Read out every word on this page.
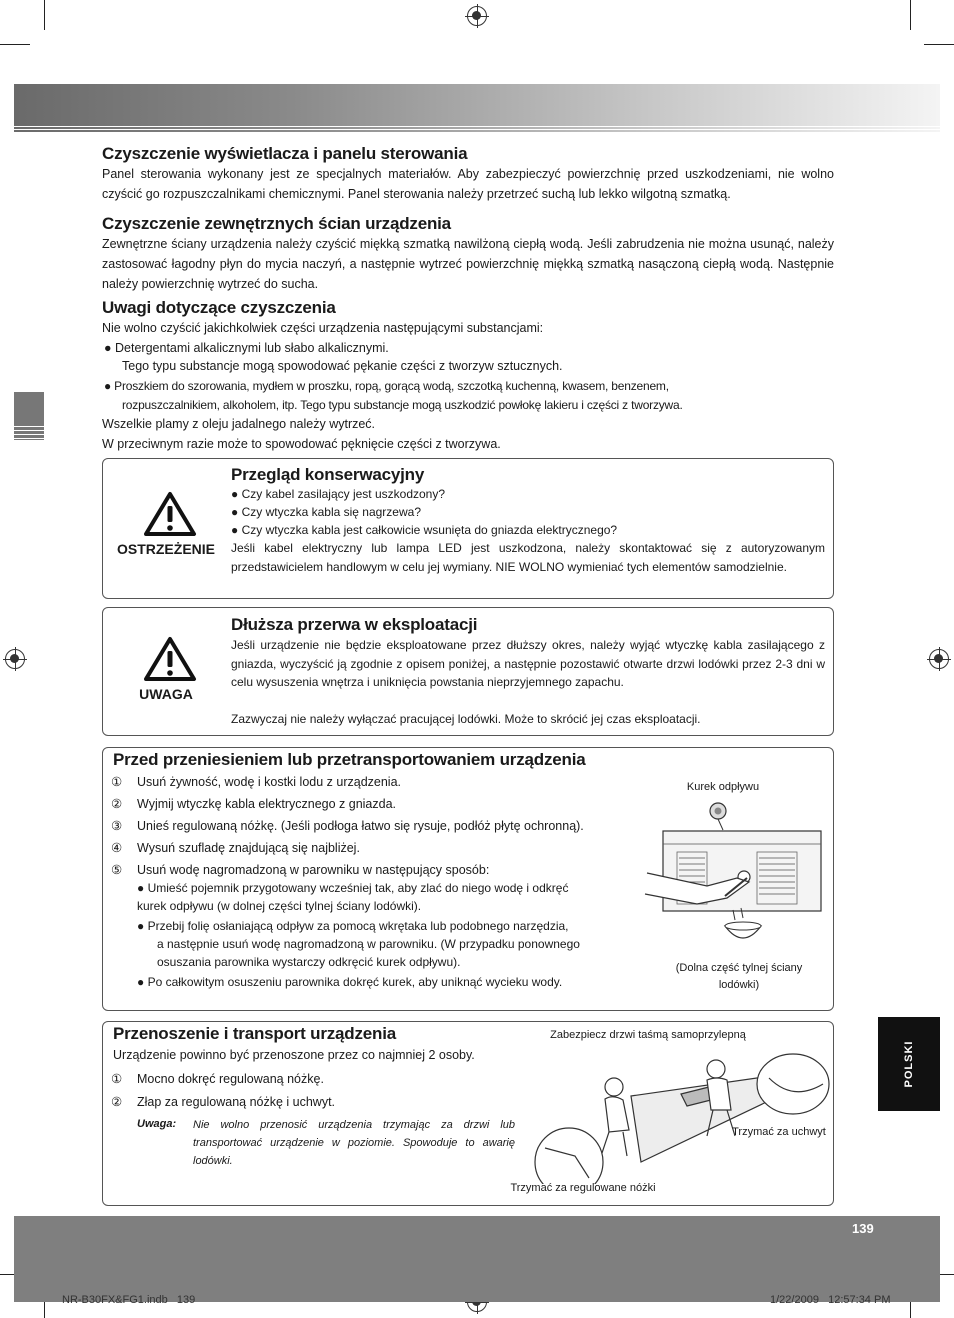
Czyszczenie wyświetlacza i panelu sterowania

Panel sterowania wykonany jest ze specjalnych materiałów. Aby zabezpieczyć powierzchnię przed uszkodzeniami, nie wolno czyścić go rozpuszczalnikami chemicznymi. Panel sterowania należy przetrzeć suchą lub lekko wilgotną szmatką.

Czyszczenie zewnętrznych ścian urządzenia

Zewnętrzne ściany urządzenia należy czyścić miękką szmatką nawilżoną ciepłą wodą. Jeśli zabrudzenia nie można usunąć, należy zastosować łagodny płyn do mycia naczyń, a następnie wytrzeć powierzchnię miękką szmatką nasączoną ciepłą wodą. Następnie należy powierzchnię wytrzeć do sucha.

Uwagi dotyczące czyszczenia

Nie wolno czyścić jakichkolwiek części urządzenia następującymi substancjami:

● Detergentami alkalicznymi lub słabo alkalicznymi.

Tego typu substancje mogą spowodować pękanie części z tworzyw sztucznych.

● Proszkiem do szorowania, mydłem w proszku, ropą, gorącą wodą, szczotką kuchenną, kwasem, benzenem,

rozpuszczalnikiem, alkoholem, itp. Tego typu substancje mogą uszkodzić powłokę lakieru i części z tworzywa.

Wszelkie plamy z oleju jadalnego należy wytrzeć.

W przeciwnym razie może to spowodować pęknięcie części z tworzywa.

OSTRZEŻENIE
Przegląd konserwacyjny

● Czy kabel zasilający jest uszkodzony?

● Czy wtyczka kabla się nagrzewa?

● Czy wtyczka kabla jest całkowicie wsunięta do gniazda elektrycznego?

Jeśli kabel elektryczny lub lampa LED jest uszkodzona, należy skontaktować się z autoryzowanym przedstawicielem handlowym w celu jej wymiany. NIE WOLNO wymieniać tych elementów samodzielnie.

UWAGA
Dłuższa przerwa w eksploatacji

Jeśli urządzenie nie będzie eksploatowane przez dłuższy okres, należy wyjąć wtyczkę kabla zasilającego z gniazda, wyczyścić ją zgodnie z opisem poniżej, a następnie pozostawić otwarte drzwi lodówki przez 2-3 dni w celu wysuszenia wnętrza i uniknięcia powstania nieprzyjemnego zapachu.

Zazwyczaj nie należy wyłączać pracującej lodówki. Może to skrócić jej czas eksploatacji.

Przed przeniesieniem lub przetransportowaniem urządzenia
① Usuń żywność, wodę i kostki lodu z urządzenia.
② Wyjmij wtyczkę kabla elektrycznego z gniazda.
③ Unieś regulowaną nóżkę. (Jeśli podłoga łatwo się rysuje, podłóż płytę ochronną).
④ Wysuń szufladę znajdującą się najbliżej.
⑤ Usuń wodę nagromadzoną w parowniku w następujący sposób:
● Umieść pojemnik przygotowany wcześniej tak, aby zlać do niego wodę i odkręć
kurek odpływu (w dolnej części tylnej ściany lodówki).
● Przebij folię osłaniającą odpływ za pomocą wkrętaka lub podobnego narzędzia,
a następnie usuń wodę nagromadzoną w parowniku. (W przypadku ponownego
osuszania parownika wystarczy odkręcić kurek odpływu).
● Po całkowitym osuszeniu parownika dokręć kurek, aby uniknąć wycieku wody.
Kurek odpływu
(Dolna część tylnej ściany lodówki)
Przenoszenie i transport urządzenia

Urządzenie powinno być przenoszone przez co najmniej 2 osoby.

① Mocno dokręć regulowaną nóżkę.
② Złap za regulowaną nóżkę i uchwyt.
Uwaga: Nie wolno przenosić urządzenia trzymając za drzwi lub transportować urządzenie w poziomie. Spowoduje to awarię lodówki.

Zabezpiecz drzwi taśmą samoprzylepną
Trzymać za uchwyt
Trzymać za regulowane nóżki
POLSKI
139
NR-B30FX&FG1.indb   139	1/22/2009   12:57:34 PM
